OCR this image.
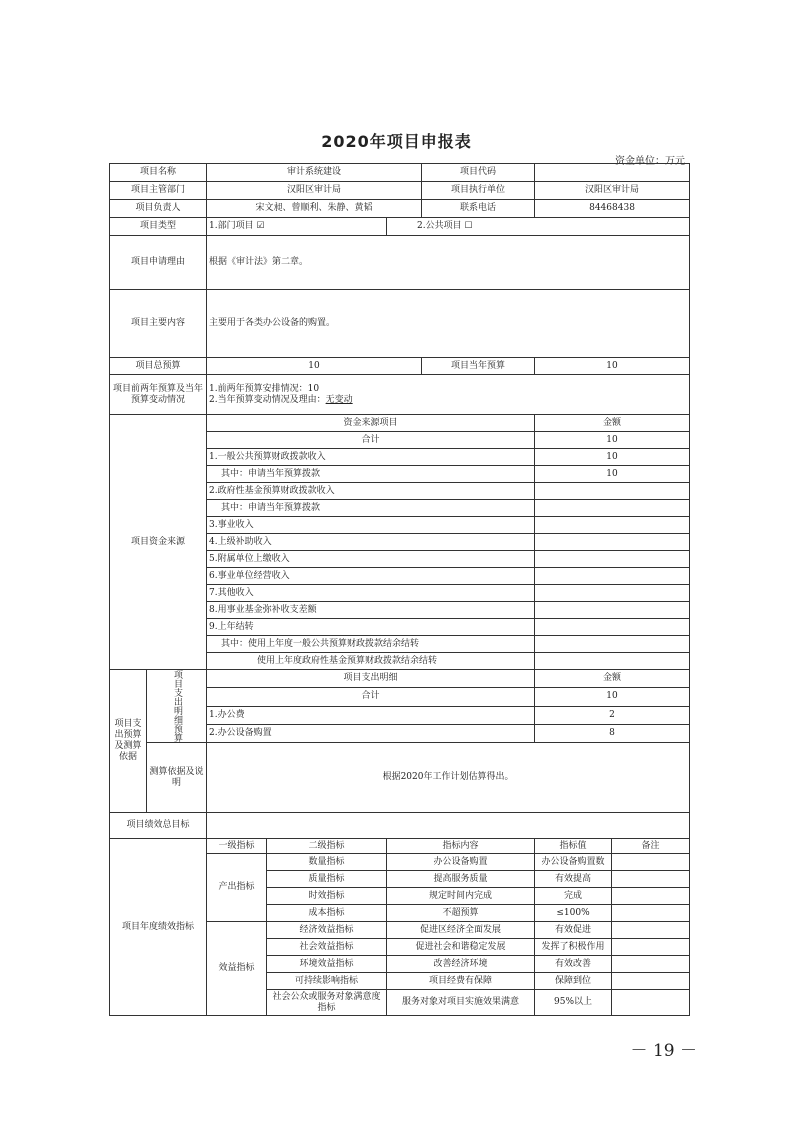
2020年项目申报表
资金单位：万元
项目名称		审计系统建设			项目代码		
项目主管部门		汉阳区审计局			项目执行单位	汉阳区审计局	
项目负责人		宋文昶、曾顺利、朱静、黄韬			联系电话	84468438	
项目类型		1.部门项目 ☑		2.公共项目 ☐			
项目申请理由		根据《审计法》第二章。					
项目主要内容		主要用于各类办公设备的购置。					
项目总预算		10			项目当年预算	10	
项目前两年预算及当年预算变动情况		1.前两年预算安排情况：10
2.当年预算变动情况及理由：无变动					

项目资金来源		资金来源项目				金额	
		合计				10	
		1.一般公共预算财政拨款收入				10	
		其中：申请当年预算拨款				10	
		2.政府性基金预算财政拨款收入					
		其中：申请当年预算拨款					
		3.事业收入					
		4.上级补助收入					
		5.附属单位上缴收入					
		6.事业单位经营收入					
		7.其他收入					
		8.用事业基金弥补收支差额					
		9.上年结转					
		其中：使用上年度一般公共预算财政拨款结余结转					
		使用上年度政府性基金预算财政拨款结余结转					
项目支出预算及测算依据	项目支出明细预算	项目支出明细				金额	
		合计				10	
		1.办公费				2	
		2.办公设备购置				8	
	测算依据及说明	根据2020年工作计划估算得出。					
项目绩效总目标							
项目年度绩效指标		一级指标	二级指标	指标内容		指标值	备注
		产出指标	数量指标	办公设备购置		办公设备购置数	
			质量指标	提高服务质量		有效提高	
			时效指标	规定时间内完成		完成	
			成本指标	不超预算		≤100%	
		效益指标	经济效益指标	促进区经济全面发展		有效促进	
			社会效益指标	促进社会和谐稳定发展		发挥了积极作用	
			环境效益指标	改善经济环境		有效改善	
			可持续影响指标	项目经费有保障		保障到位	
			社会公众或服务对象满意度指标	服务对象对项目实施效果满意		95%以上	
－ 19 －
